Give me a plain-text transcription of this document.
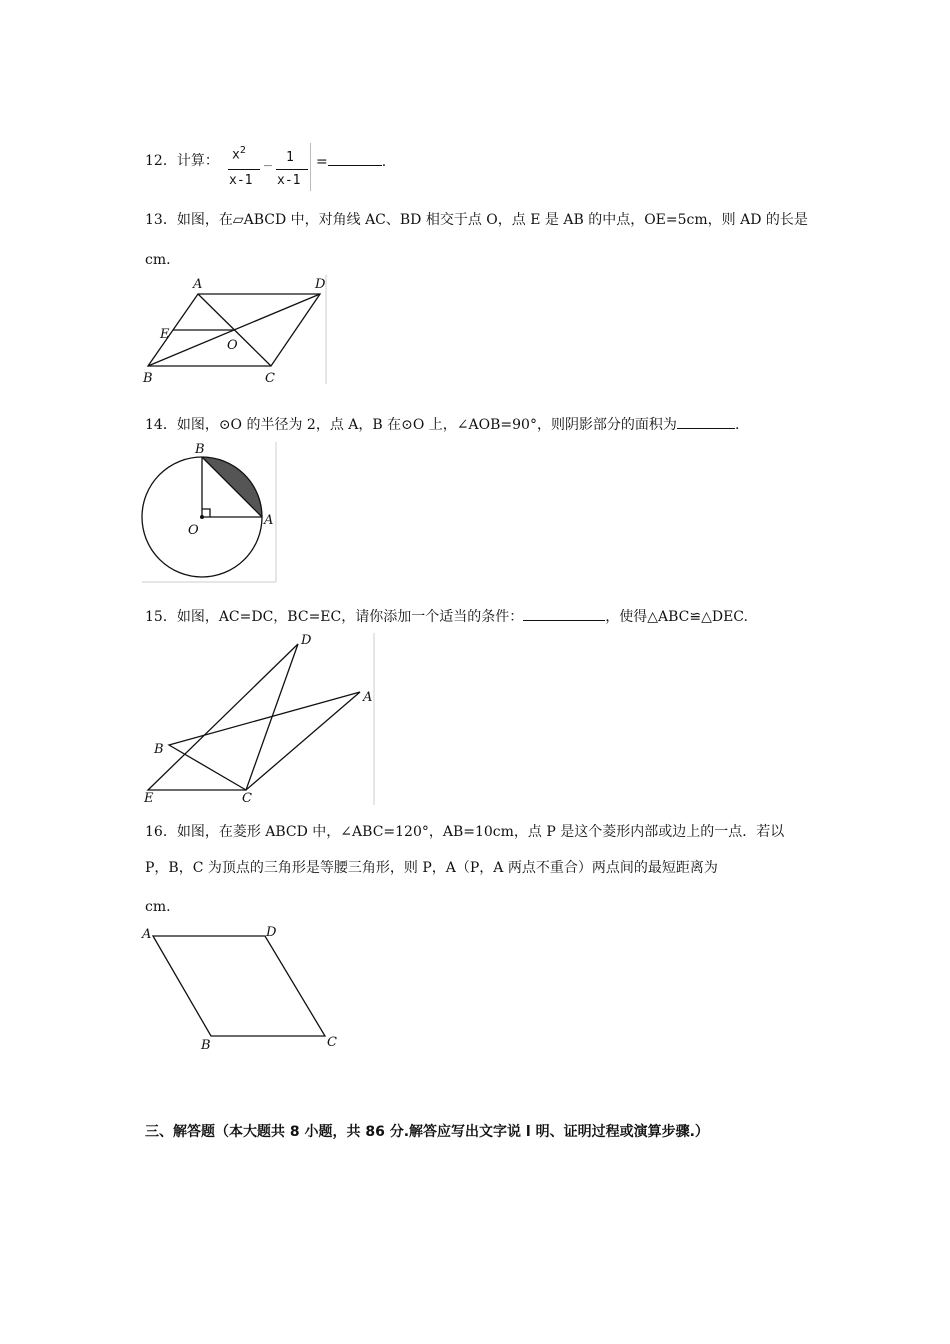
12．计算： $x^2$
x-1
_ 1
x-1
=	.
13．如图，在▱ABCD 中，对角线 AC、BD 相交于点 O，点 E 是 AB 的中点，OE=5cm，则 AD 的长是
cm.
A	D
E
O
B	C
14．如图，⊙O 的半径为 2，点 A，B 在⊙O 上，∠AOB=90°，则阴影部分的面积为	.
B
O
A
15．如图，AC=DC，BC=EC，请你添加一个适当的条件：	，使得△ABC≌△DEC.
D
A
B
E	C
16．如图，在菱形 ABCD 中，∠ABC=120°，AB=10cm，点 P 是这个菱形内部或边上的一点．若以
P，B，C 为顶点的三角形是等腰三角形，则 P，A（P，A 两点不重合）两点间的最短距离为
cm.
A	D
B	C
三、解答题（本大题共 8 小题，共 86 分.解答应写出文字说 l 明、证明过程或演算步骤.）
